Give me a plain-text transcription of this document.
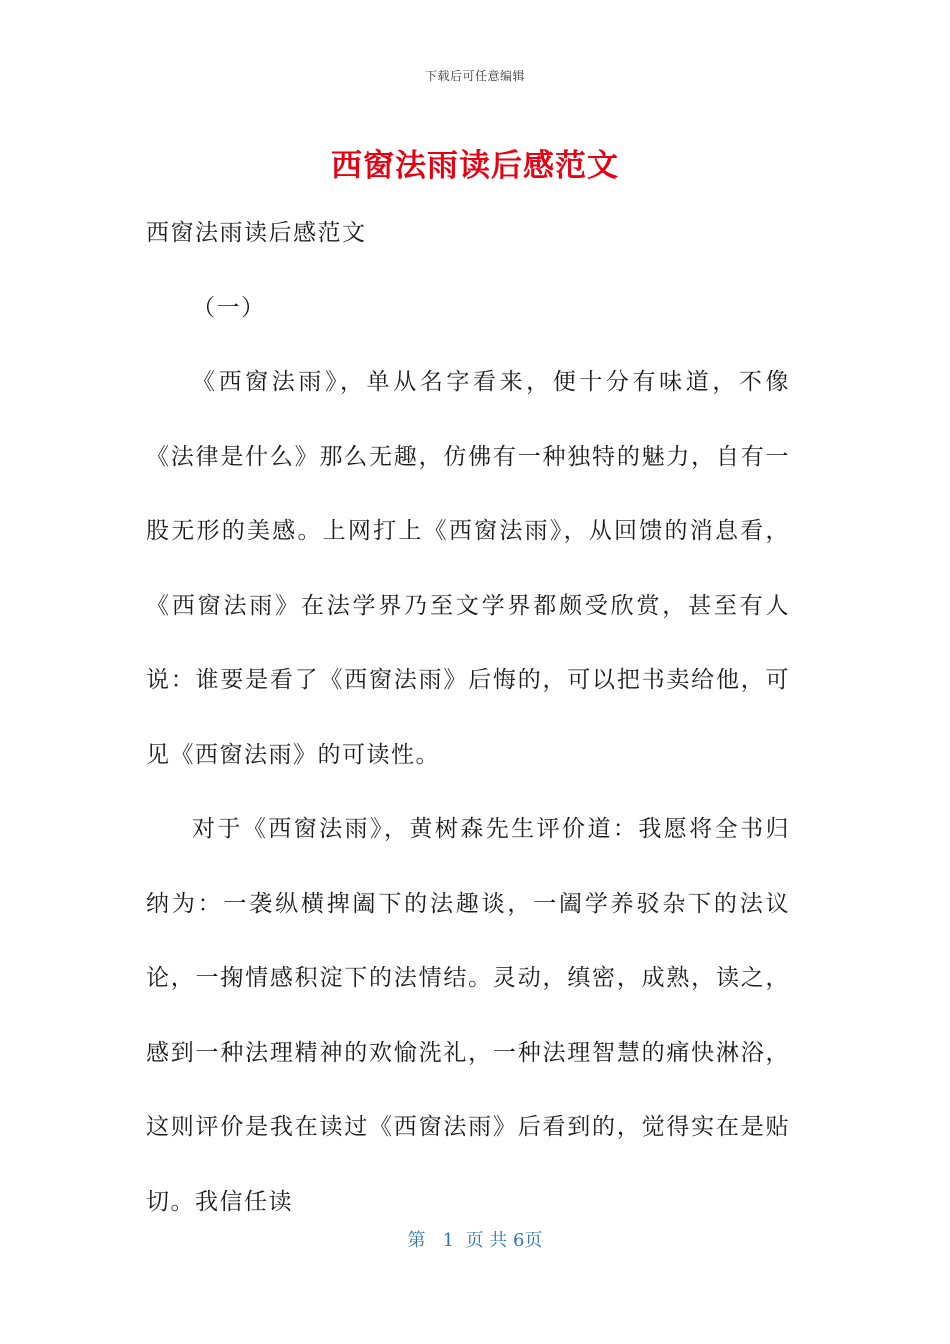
下载后可任意编辑
西窗法雨读后感范文

西窗法雨读后感范文

（一）

《西窗法雨》，单从名字看来，便十分有味道，不像《法律是什么》那么无趣，仿佛有一种独特的魅力，自有一股无形的美感。上网打上《西窗法雨》，从回馈的消息看，《西窗法雨》在法学界乃至文学界都颇受欣赏，甚至有人说：谁要是看了《西窗法雨》后悔的，可以把书卖给他，可见《西窗法雨》的可读性。

对于《西窗法雨》，黄树森先生评价道：我愿将全书归纳为：一袭纵横捭阖下的法趣谈，一阖学养驳杂下的法议论，一掬情感积淀下的法情结。灵动，缜密，成熟，读之，感到一种法理精神的欢愉洗礼，一种法理智慧的痛快淋浴，这则评价是我在读过《西窗法雨》后看到的，觉得实在是贴切。我信任读

第 1 页 共 6页
